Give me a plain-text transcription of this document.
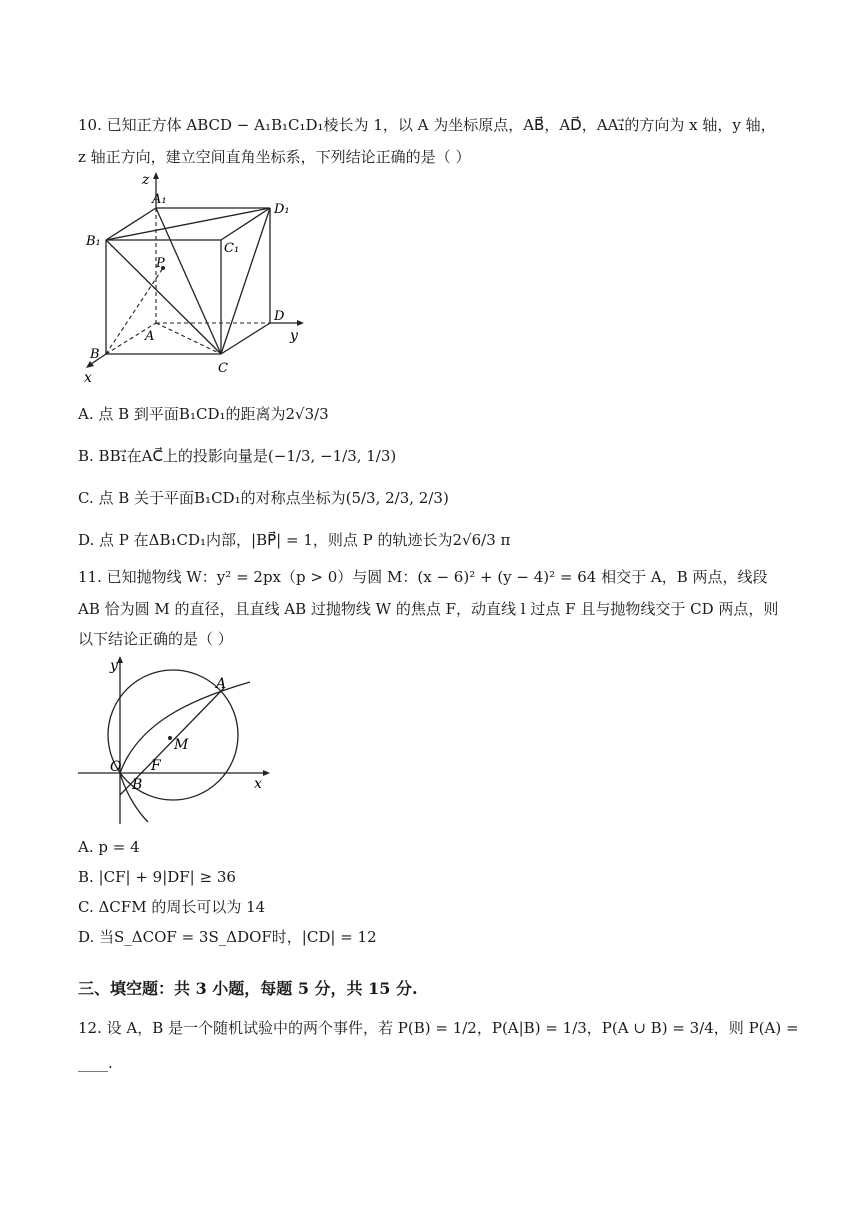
10. 已知正方体 ABCD − A₁B₁C₁D₁棱长为 1，以 A 为坐标原点，AB⃗，AD⃗，AA₁⃗的方向为 x 轴，y 轴，
z 轴正方向，建立空间直角坐标系，下列结论正确的是（ ）
z
y
x
A₁
B₁	C₁
D₁
A
B
C
D
P
A. 点 B 到平面B₁CD₁的距离为2√3/3
B. BB₁⃗在AC⃗上的投影向量是(−1/3, −1/3, 1/3)
C. 点 B 关于平面B₁CD₁的对称点坐标为(5/3, 2/3, 2/3)
D. 点 P 在ΔB₁CD₁内部，|BP⃗| = 1，则点 P 的轨迹长为2√6/3 π
11. 已知抛物线 W：y² = 2px（p > 0）与圆 M：(x − 6)² + (y − 4)² = 64 相交于 A，B 两点，线段
AB 恰为圆 M 的直径，且直线 AB 过抛物线 W 的焦点 F，动直线 l 过点 F 且与抛物线交于 CD 两点，则
以下结论正确的是（ ）
y
x
O
A
B
F
M
A. p = 4
B. |CF| + 9|DF| ≥ 36
C. ΔCFM 的周长可以为 14
D. 当S_ΔCOF = 3S_ΔDOF时，|CD| = 12
三、填空题：共 3 小题，每题 5 分，共 15 分.
12. 设 A，B 是一个随机试验中的两个事件，若 P(B) = 1/2，P(A|B) = 1/3，P(A ∪ B) = 3/4，则 P(A) =
____.
